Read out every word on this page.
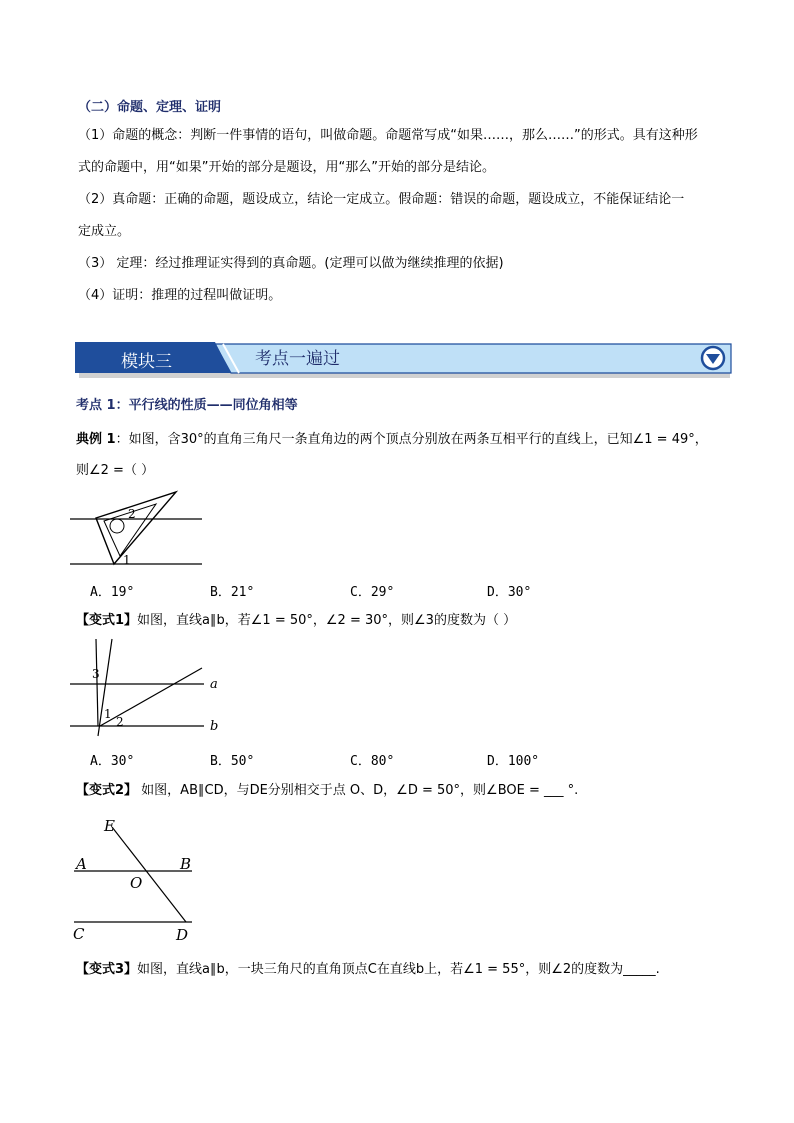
（二）命题、定理、证明
（1）命题的概念：判断一件事情的语句，叫做命题。命题常写成“如果……，那么……”的形式。具有这种形
式的命题中，用“如果”开始的部分是题设，用“那么”开始的部分是结论。
（2）真命题：正确的命题，题设成立，结论一定成立。假命题：错误的命题，题设成立，不能保证结论一
定成立。
（3） 定理：经过推理证实得到的真命题。(定理可以做为继续推理的依据)
（4）证明：推理的过程叫做证明。
模块三	考点一遍过
考点 1：平行线的性质——同位角相等
典例 1：如图，含30°的直角三角尺一条直角边的两个顶点分别放在两条互相平行的直线上，已知∠1 = 49°，
则∠2 =（ ）
2
1
A．19°	B．21°	C．29°	D．30°
【变式1】如图，直线a∥b，若∠1 = 50°，∠2 = 30°，则∠3的度数为（ ）
3
a
1
2	b
A．30°	B．50°	C．80°	D．100°
【变式2】 如图，AB∥CD，与DE分别相交于点 O、D，∠D = 50°，则∠BOE = ___ °.
E
A	B
O
C	D
【变式3】如图，直线a∥b，一块三角尺的直角顶点C在直线b上，若∠1 = 55°，则∠2的度数为_____.
